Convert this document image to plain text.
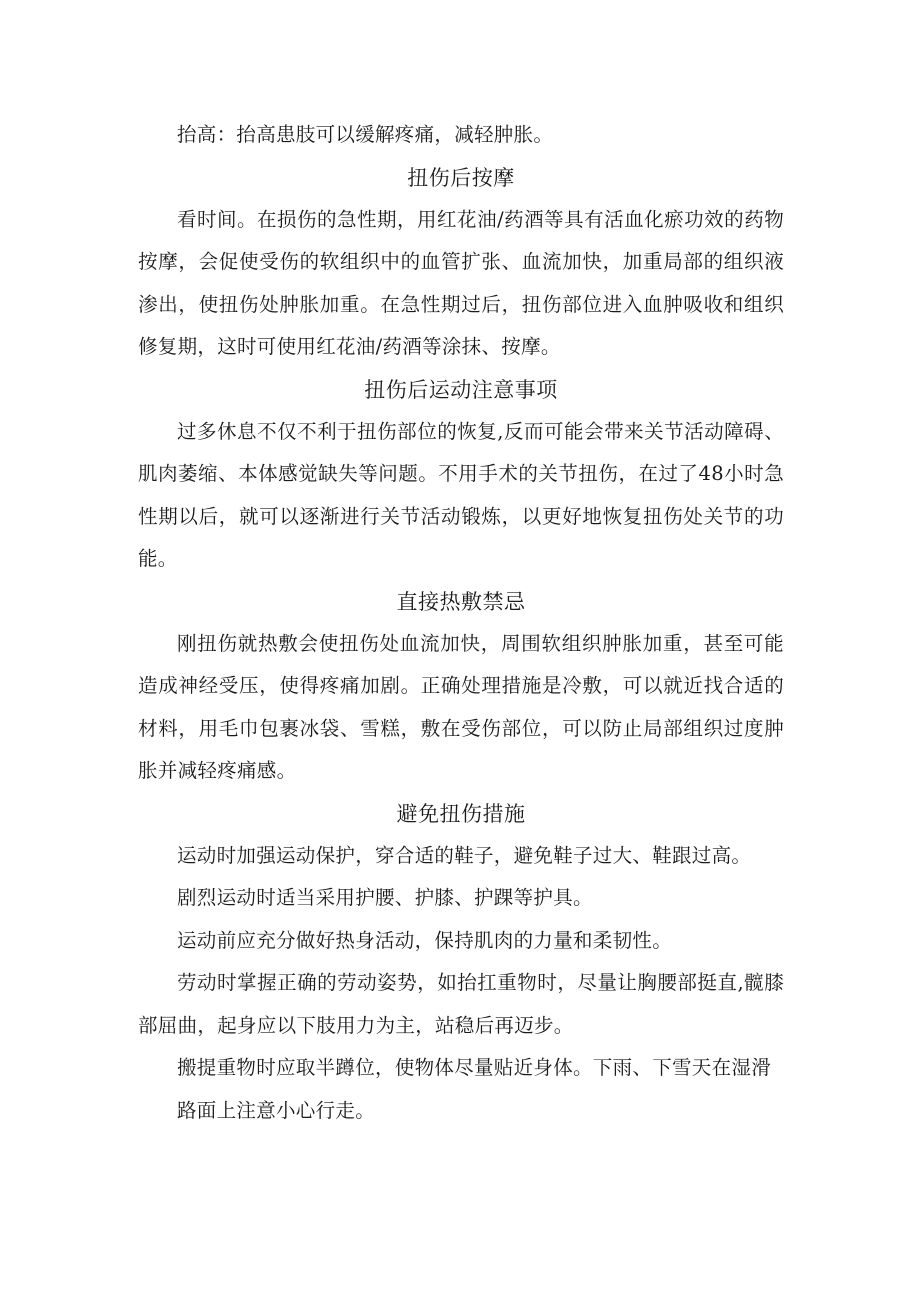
抬高：抬高患肢可以缓解疼痛，减轻肿胀。

扭伤后按摩

看时间。在损伤的急性期，用红花油/药酒等具有活血化瘀功效的药物按摩，会促使受伤的软组织中的血管扩张、血流加快，加重局部的组织液渗出，使扭伤处肿胀加重。在急性期过后，扭伤部位进入血肿吸收和组织修复期，这时可使用红花油/药酒等涂抹、按摩。

扭伤后运动注意事项

过多休息不仅不利于扭伤部位的恢复,反而可能会带来关节活动障碍、肌肉萎缩、本体感觉缺失等问题。不用手术的关节扭伤，在过了48小时急性期以后，就可以逐渐进行关节活动锻炼，以更好地恢复扭伤处关节的功能。

直接热敷禁忌

刚扭伤就热敷会使扭伤处血流加快，周围软组织肿胀加重，甚至可能造成神经受压，使得疼痛加剧。正确处理措施是冷敷，可以就近找合适的材料，用毛巾包裹冰袋、雪糕，敷在受伤部位，可以防止局部组织过度肿胀并减轻疼痛感。

避免扭伤措施

运动时加强运动保护，穿合适的鞋子，避免鞋子过大、鞋跟过高。

剧烈运动时适当采用护腰、护膝、护踝等护具。

运动前应充分做好热身活动，保持肌肉的力量和柔韧性。

劳动时掌握正确的劳动姿势，如抬扛重物时，尽量让胸腰部挺直,髋膝部屈曲，起身应以下肢用力为主，站稳后再迈步。

搬提重物时应取半蹲位，使物体尽量贴近身体。下雨、下雪天在湿滑

路面上注意小心行走。
